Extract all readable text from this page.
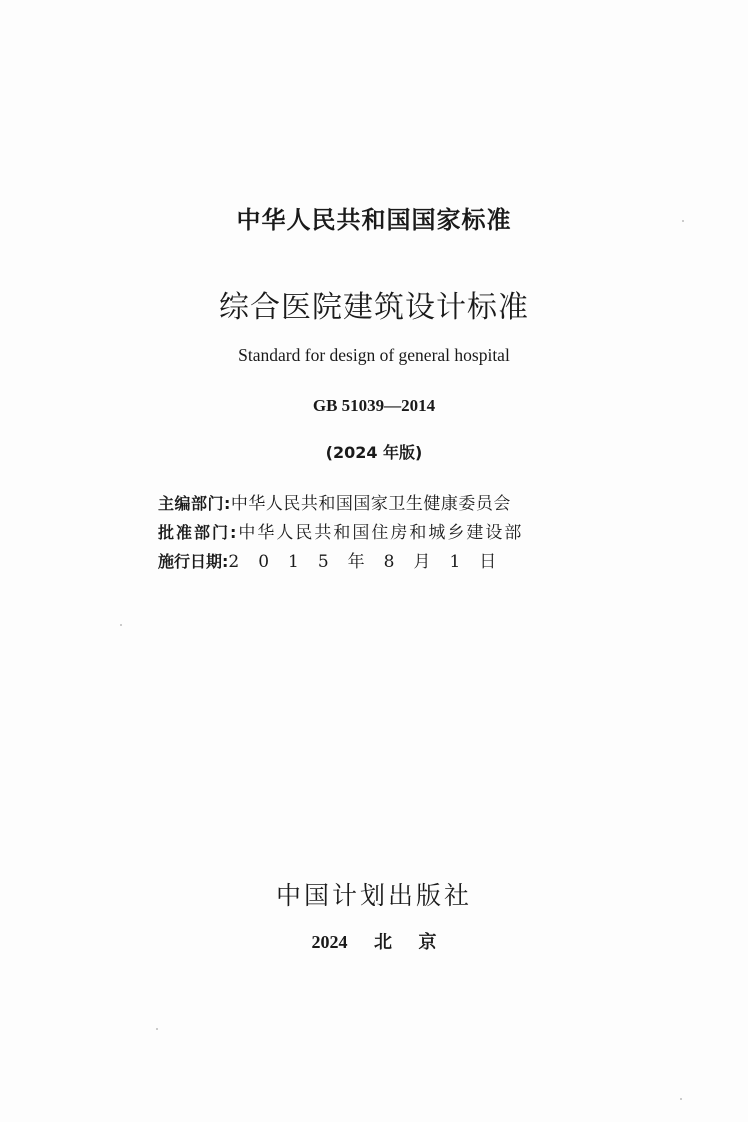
中华人民共和国国家标准
综合医院建筑设计标准
Standard for design of general hospital
GB 51039—2014
(2024 年版)
主编部门:中华人民共和国国家卫生健康委员会
批准部门:中华人民共和国住房和城乡建设部
施行日期:2015年8月1日
中国计划出版社
2024 北 京
